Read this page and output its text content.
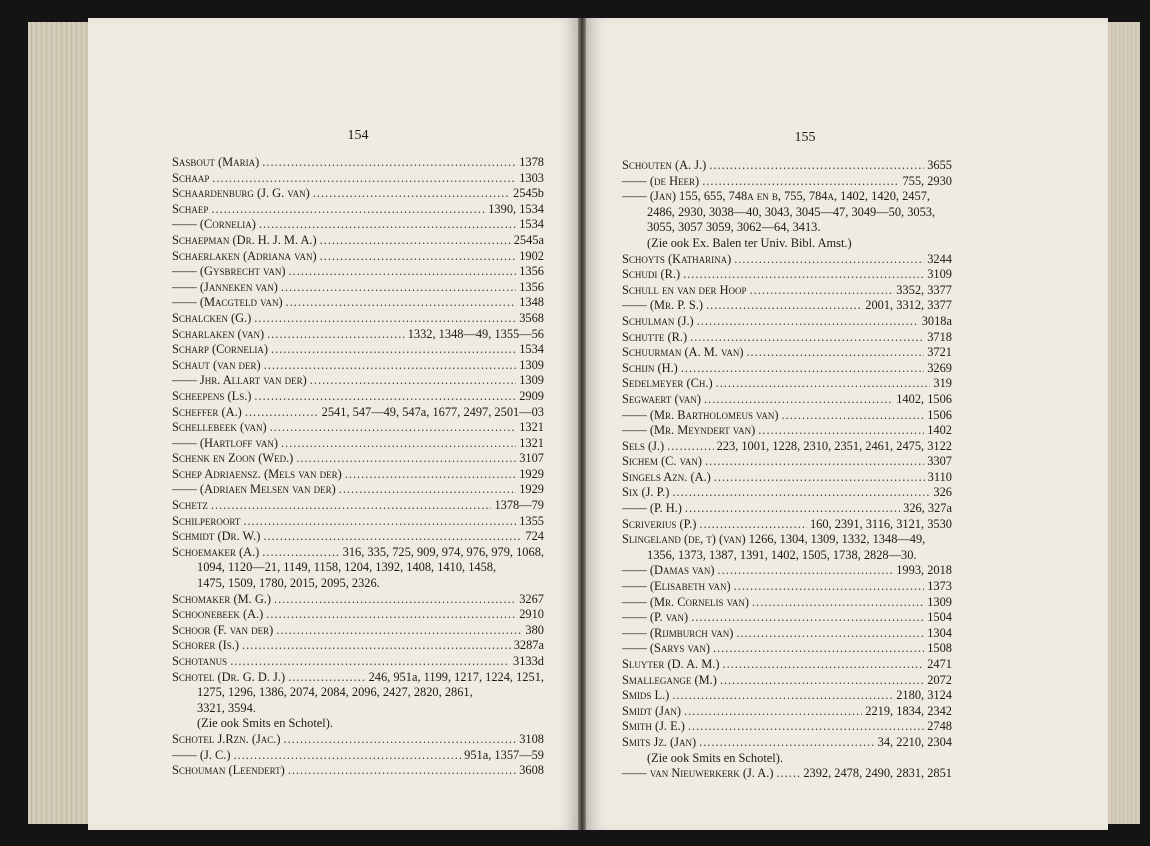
154	155
Sasbout (Maria) .....	1378
Schaap .....	1303
Schaardenburg (J. G. van) .....	2545b
Schaep .....	1390, 1534
—— (Cornelia) .....	1534
Schaepman (Dr. H. J. M. A.) .....	2545a
Schaerlaken (Adriana van) .....	1902
—— (Gysbrecht van) .....	1356
—— (Janneken van) .....	1356
—— (Macgteld van) .....	1348
Schalcken (G.) .....	3568
Scharlaken (van) .....	1332, 1348—49, 1355—56
Scharp (Cornelia) .....	1534
Schaut (van der) .....	1309
—— Jhr. Allart van der) .....	1309
Scheepens (Ls.) .....	2909
Scheffer (A.) .....	2541, 547—49, 547a, 1677, 2497, 2501—03
Schellebeek (van) .....	1321
—— (Hartloff van) .....	1321
Schenk en Zoon (Wed.) .....	3107
Schep Adriaensz. (Mels van der) .....	1929
—— (Adriaen Melsen van der) .....	1929
Schetz .....	1378—79
Schilperoort .....	1355
Schmidt (Dr. W.) .....	724
Schoemaker (A.) .....	316, 335, 725, 909, 974, 976, 979, 1068,
1094, 1120—21, 1149, 1158, 1204, 1392, 1408, 1410, 1458,
1475, 1509, 1780, 2015, 2095, 2326.
Schomaker (M. G.) .....	3267
Schoonebeek (A.) .....	2910
Schoor (F. van der) .....	380
Schorer (Is.) .....	3287a
Schotanus .....	3133d
Schotel (Dr. G. D. J.) .....	246, 951a, 1199, 1217, 1224, 1251,
1275, 1296, 1386, 2074, 2084, 2096, 2427, 2820, 2861,
3321, 3594.
(Zie ook Smits en Schotel).
Schotel J.Rzn. (Jac.) .....	3108
—— (J. C.) .....	951a, 1357—59
Schouman (Leendert) .....	3608
Schouten (A. J.) .....	3655
—— (de Heer) .....	755, 2930
—— (Jan) 155, 655, 748a en b, 755, 784a, 1402, 1420, 2457,
2486, 2930, 3038—40, 3043, 3045—47, 3049—50, 3053,
3055, 3057 3059, 3062—64, 3413.
(Zie ook Ex. Balen ter Univ. Bibl. Amst.)
Schoyts (Katharina) .....	3244
Schudi (R.) .....	3109
Schull en van der Hoop .....	3352, 3377
—— (Mr. P. S.) .....	2001, 3312, 3377
Schulman (J.) .....	3018a
Schutte (R.) .....	3718
Schuurman (A. M. van) .....	3721
Schijn (H.) .....	3269
Sedelmeyer (Ch.) .....	319
Segwaert (van) .....	1402, 1506
—— (Mr. Bartholomeus van) .....	1506
—— (Mr. Meyndert van) .....	1402
Sels (J.) .....	223, 1001, 1228, 2310, 2351, 2461, 2475, 3122
Sichem (C. van) .....	3307
Singels Azn. (A.) .....	3110
Six (J. P.) .....	326
—— (P. H.) .....	326, 327a
Scriverius (P.) .....	160, 2391, 3116, 3121, 3530
Slingeland (de, t) (van) 1266, 1304, 1309, 1332, 1348—49,
1356, 1373, 1387, 1391, 1402, 1505, 1738, 2828—30.
—— (Damas van) .....	1993, 2018
—— (Elisabeth van) .....	1373
—— (Mr. Cornelis van) .....	1309
—— (P. van) .....	1504
—— (Rijmburch van) .....	1304
—— (Sarys van) .....	1508
Sluyter (D. A. M.) .....	2471
Smallegange (M.) .....	2072
Smids L.) .....	2180, 3124
Smidt (Jan) .....	2219, 1834, 2342
Smith (J. E.) .....	2748
Smits Jz. (Jan) .....	34, 2210, 2304
(Zie ook Smits en Schotel).
—— van Nieuwerkerk (J. A.) ..... 2392, 2478, 2490, 2831, 2851
